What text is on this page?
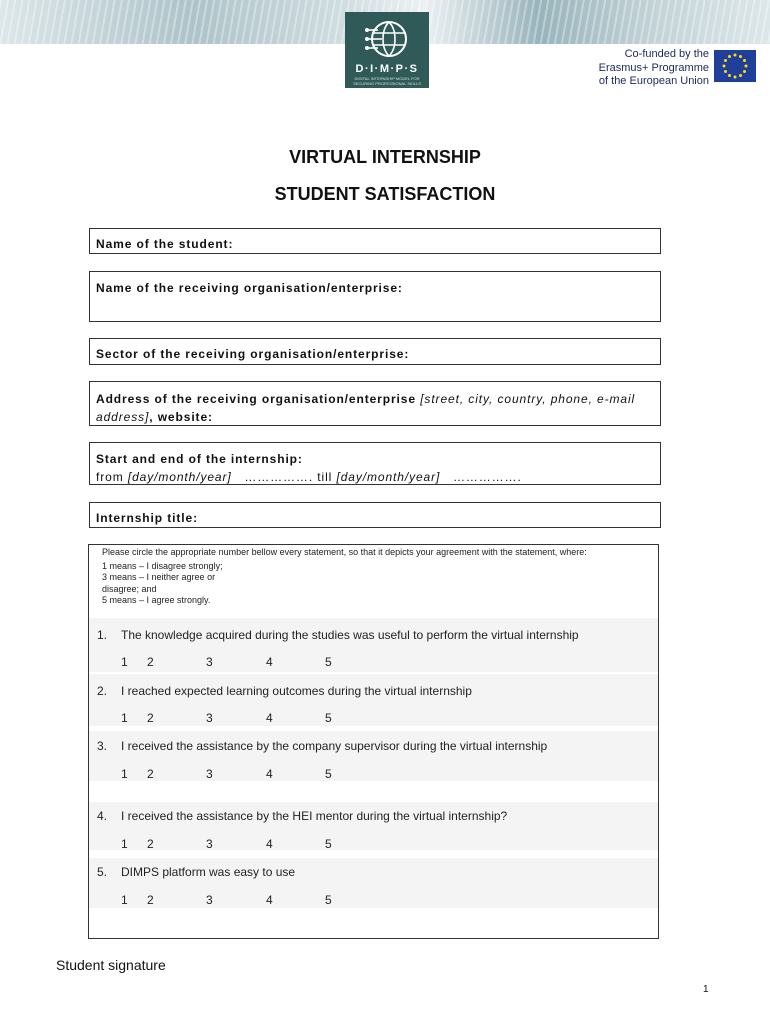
D·I·M·P·S
DIGITAL INTERNSHIP MODEL FOR SECURING PROFESSIONAL SKILLS
Co-funded by the
Erasmus+ Programme
of the European Union
VIRTUAL INTERNSHIP
STUDENT SATISFACTION
Name of the student:
Name of the receiving organisation/enterprise:
Sector of the receiving organisation/enterprise:
Address of the receiving organisation/enterprise [street, city, country, phone, e-mail address], website:
Start and end of the internship:
from [day/month/year] ……………. till [day/month/year] …………….
Internship title:
Please circle the appropriate number bellow every statement, so that it depicts your agreement with the statement, where:
1 means – I disagree strongly;
3 means – I neither agree or
disagree; and
5 means – I agree strongly.
1. The knowledge acquired during the studies was useful to perform the virtual internship
1 2	3	4	5
2. I reached expected learning outcomes during the virtual internship
1 2	3	4	5
3. I received the assistance by the company supervisor during the virtual internship
1 2	3	4	5
4. I received the assistance by the HEI mentor during the virtual internship?
1 2	3	4	5
5. DIMPS platform was easy to use
1 2	3	4	5
Student signature
1
